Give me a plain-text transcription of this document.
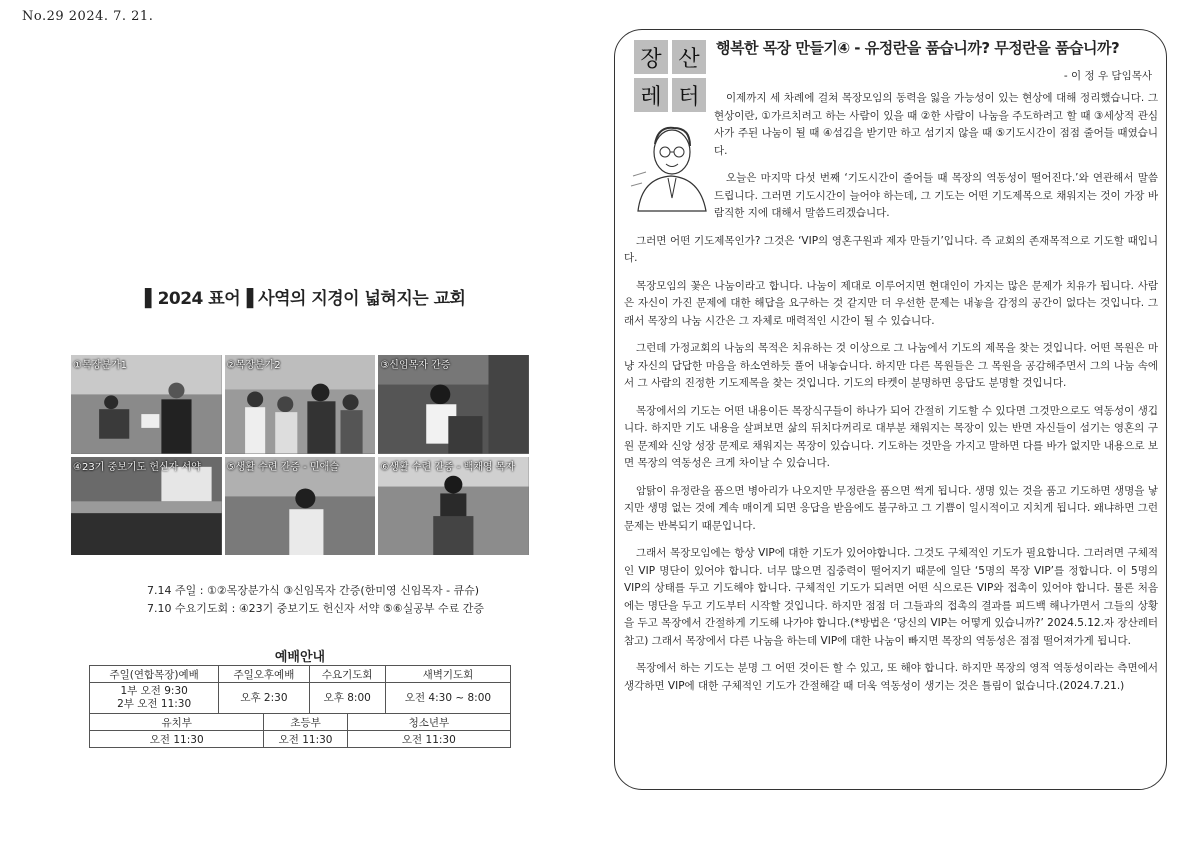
No.29 2024. 7. 21.
▌2024 표어▐ 사역의 지경이 넓혀지는 교회
①목장분가1	②목장분가2	③신임목자 간증
④23기 중보기도 헌신자 서약	⑤생활 수련 간증 - 민애슬	⑥생활 수련 간증 - 백채영 목자
7.14 주일 : ①②목장분가식 ③신임목자 간증(한미영 신임목자 - 큐슈)
7.10 수요기도회 : ④23기 중보기도 헌신자 서약 ⑤⑥실공부 수료 간증
예배안내					
주일(연합목장)예배	주일오후예배		수요기도회		새벽기도회
1부 오전 9:30
2부 오전 11:30	오후 2:30		오후 8:00		오전 4:30 ~ 8:00
유치부		초등부		청소년부	
오전 11:30		오전 11:30		오전 11:30	
장 산
레 터
행복한 목장 만들기④ - 유정란을 품습니까? 무정란을 품습니까?
- 이 정 우 담임목사

이제까지 세 차례에 걸쳐 목장모임의 동력을 잃을 가능성이 있는 현상에 대해 정리했습니다. 그 현상이란, ①가르치려고 하는 사람이 있을 때 ②한 사람이 나눔을 주도하려고 할 때 ③세상적 관심사가 주된 나눔이 될 때 ④섬김을 받기만 하고 섬기지 않을 때 ⑤기도시간이 점점 줄어들 때였습니다.

오늘은 마지막 다섯 번째 ‘기도시간이 줄어들 때 목장의 역동성이 떨어진다.’와 연관해서 말씀드립니다. 그러면 기도시간이 늘어야 하는데, 그 기도는 어떤 기도제목으로 채워지는 것이 가장 바람직한 지에 대해서 말씀드리겠습니다.

그러면 어떤 기도제목인가? 그것은 ‘VIP의 영혼구원과 제자 만들기’입니다. 즉 교회의 존재목적으로 기도할 때입니다.

목장모임의 꽃은 나눔이라고 합니다. 나눔이 제대로 이루어지면 현대인이 가지는 많은 문제가 치유가 됩니다. 사람은 자신이 가진 문제에 대한 해답을 요구하는 것 같지만 더 우선한 문제는 내놓을 감정의 공간이 없다는 것입니다. 그래서 목장의 나눔 시간은 그 자체로 매력적인 시간이 될 수 있습니다.

그런데 가정교회의 나눔의 목적은 치유하는 것 이상으로 그 나눔에서 기도의 제목을 찾는 것입니다. 어떤 목원은 마냥 자신의 답답한 마음을 하소연하듯 풀어 내놓습니다. 하지만 다른 목원들은 그 목원을 공감해주면서 그의 나눔 속에서 그 사람의 진정한 기도제목을 찾는 것입니다. 기도의 타켓이 분명하면 응답도 분명할 것입니다.

목장에서의 기도는 어떤 내용이든 목장식구들이 하나가 되어 간절히 기도할 수 있다면 그것만으로도 역동성이 생깁니다. 하지만 기도 내용을 살펴보면 삶의 뒤치다꺼리로 대부분 채워지는 목장이 있는 반면 자신들이 섬기는 영혼의 구원 문제와 신앙 성장 문제로 채워지는 목장이 있습니다. 기도하는 것만을 가지고 말하면 다를 바가 없지만 내용으로 보면 목장의 역동성은 크게 차이날 수 있습니다.

암탉이 유정란을 품으면 병아리가 나오지만 무정란을 품으면 썩게 됩니다. 생명 있는 것을 품고 기도하면 생명을 낳지만 생명 없는 것에 계속 매이게 되면 응답을 받음에도 불구하고 그 기쁨이 일시적이고 지치게 됩니다. 왜냐하면 그런 문제는 반복되기 때문입니다.

그래서 목장모임에는 항상 VIP에 대한 기도가 있어야합니다. 그것도 구체적인 기도가 필요합니다. 그러려면 구체적인 VIP 명단이 있어야 합니다. 너무 많으면 집중력이 떨어지기 때문에 일단 ‘5명의 목장 VIP’를 정합니다. 이 5명의 VIP의 상태를 두고 기도해야 합니다. 구체적인 기도가 되려면 어떤 식으로든 VIP와 접촉이 있어야 합니다. 물론 처음에는 명단을 두고 기도부터 시작할 것입니다. 하지만 점점 더 그들과의 접촉의 결과를 피드백 해나가면서 그들의 상황을 두고 목장에서 간절하게 기도해 나가야 합니다.(*방법은 ‘당신의 VIP는 어떻게 있습니까?’ 2024.5.12.자 장산레터 참고) 그래서 목장에서 다른 나눔을 하는데 VIP에 대한 나눔이 빠지면 목장의 역동성은 점점 떨어져가게 됩니다.

목장에서 하는 기도는 분명 그 어떤 것이든 할 수 있고, 또 해야 합니다. 하지만 목장의 영적 역동성이라는 측면에서 생각하면 VIP에 대한 구체적인 기도가 간절해갈 때 더욱 역동성이 생기는 것은 틀림이 없습니다.(2024.7.21.)
